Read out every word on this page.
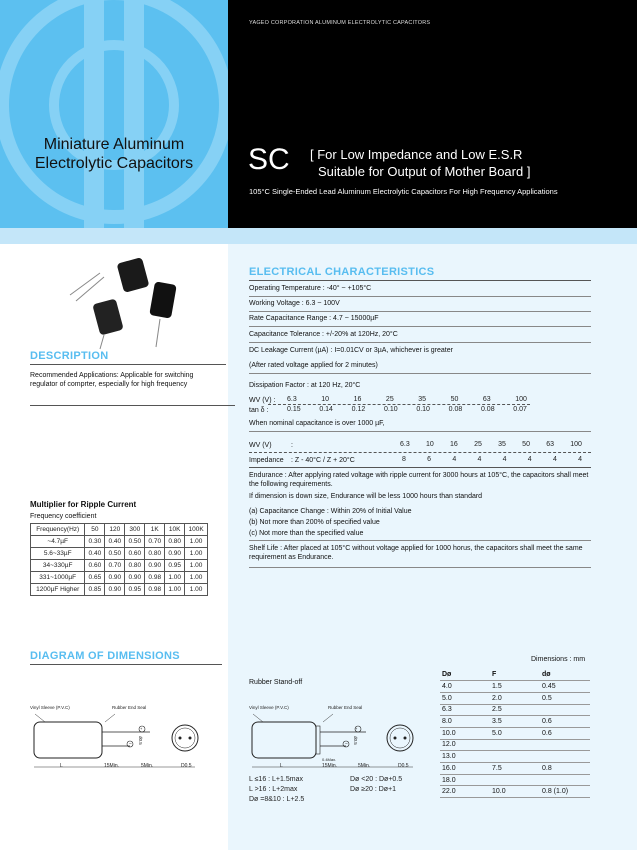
Miniature Aluminum
Electrolytic Capacitors
YAGEO CORPORATION ALUMINUM ELECTROLYTIC CAPACITORS
SC [ For Low Impedance and Low E.S.R
Suitable for Output of Mother Board ]
105°C Single-Ended Lead Aluminum Electrolytic Capacitors For High Frequency Applications
DESCRIPTION
Recommended Applications: Applicable for switching regulator of comprter, especially for high frequency
Multiplier for Ripple Current
Frequency coefficient
Frequency(Hz)	50	120	300	1K	10K	100K
~4.7µF	0.30	0.40	0.50	0.70	0.80	1.00
5.6~33µF	0.40	0.50	0.60	0.80	0.90	1.00
34~330µF	0.60	0.70	0.80	0.90	0.95	1.00
331~1000µF	0.65	0.90	0.90	0.98	1.00	1.00
1200µF Higher	0.85	0.90	0.95	0.98	1.00	1.00
ELECTRICAL CHARACTERISTICS
Operating Temperature : -40° ~ +105°C
Working Voltage : 6.3 ~ 100V
Rate Capacitance Range : 4.7 ~ 15000µF
Capacitance Tolerance : +/-20% at 120Hz, 20°C
DC Leakage Current (µA) : I=0.01CV or 3µA, whichever is greater
(After rated voltage applied for 2 minutes)
Dissipation Factor : at 120 Hz, 20°C
WV (V) :
tan δ :
6.3	10	16	25	35	50	63	100
0.15	0.14	0.12	0.10	0.10	0.08	0.08	0.07
When nominal capacitance is over 1000 µF,
WV (V)	:	6.3 10 16 25 35 50 63 100
Impedance : Z - 40°C / Z + 20°C	8	6	4	4	4	4	4	4
Endurance : After applying rated voltage with ripple current for 3000 hours at 105°C, the capacitors shall meet the following requirements.
If dimension is down size, Endurance will be less 1000 hours than standard
(a) Capacitance Change : Within 20% of Initial Value
(b) Not more than 200% of specified value
(c) Not more than the specified value
Shelf Life : After placed at 105°C without voltage applied for 1000 horus, the capacitors shall meet the same requirement as Endurance.
DIAGRAM OF DIMENSIONS	Dimensions : mm
Rubber Stand-off
Vinyl Sleeve (P.V.C)	Rubber End Seal
d0.5
+
−
L	15Min.	5Min.	D0.5
Vinyl Sleeve (P.V.C)	Rubber End Seal
d0.5
+
−
0.4Max.
L	15Min.	5Min.	D0.5
L ≤16 : L+1.5max
L >16 : L+2max
Dø =8&10 : L+2.5
Dø <20 : Dø+0.5
Dø ≥20 : Dø+1
Dø	F	dø
4.0	1.5	0.45
5.0	2.0	0.5
6.3	2.5	
8.0	3.5	0.6
10.0	5.0	0.6
12.0		
13.0		
16.0	7.5	0.8
18.0		
22.0	10.0	0.8 (1.0)
